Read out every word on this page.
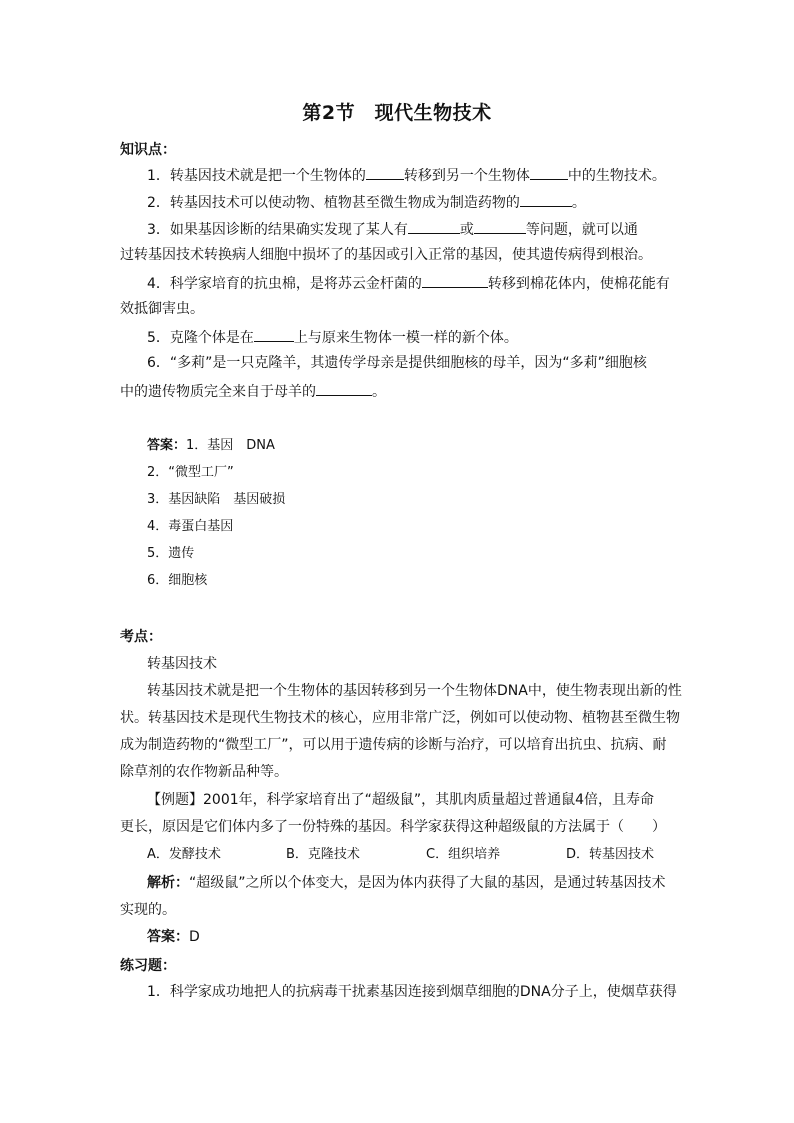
第2节　现代生物技术
知识点：
1．转基因技术就是把一个生物体的	转移到另一个生物体	中的生物技术。
2．转基因技术可以使动物、植物甚至微生物成为制造药物的	。
3．如果基因诊断的结果确实发现了某人有	或	等问题，就可以通
过转基因技术转换病人细胞中损坏了的基因或引入正常的基因，使其遗传病得到根治。
4．科学家培育的抗虫棉，是将苏云金杆菌的	转移到棉花体内，使棉花能有
效抵御害虫。
5．克隆个体是在	上与原来生物体一模一样的新个体。
6．“多莉”是一只克隆羊，其遗传学母亲是提供细胞核的母羊，因为“多莉”细胞核
中的遗传物质完全来自于母羊的	。
答案：1．基因　DNA
2．“微型工厂”
3．基因缺陷　基因破损
4．毒蛋白基因
5．遗传
6．细胞核
考点：
转基因技术
转基因技术就是把一个生物体的基因转移到另一个生物体DNA中，使生物表现出新的性
状。转基因技术是现代生物技术的核心，应用非常广泛，例如可以使动物、植物甚至微生物
成为制造药物的“微型工厂”，可以用于遗传病的诊断与治疗，可以培育出抗虫、抗病、耐
除草剂的农作物新品种等。
【例题】2001年，科学家培育出了“超级鼠”，其肌肉质量超过普通鼠4倍，且寿命
更长，原因是它们体内多了一份特殊的基因。科学家获得这种超级鼠的方法属于（　　）
A．发酵技术	B．克隆技术	C．组织培养	D．转基因技术
解析：“超级鼠”之所以个体变大，是因为体内获得了大鼠的基因，是通过转基因技术
实现的。
答案：D
练习题：
1．科学家成功地把人的抗病毒干扰素基因连接到烟草细胞的DNA分子上，使烟草获得
